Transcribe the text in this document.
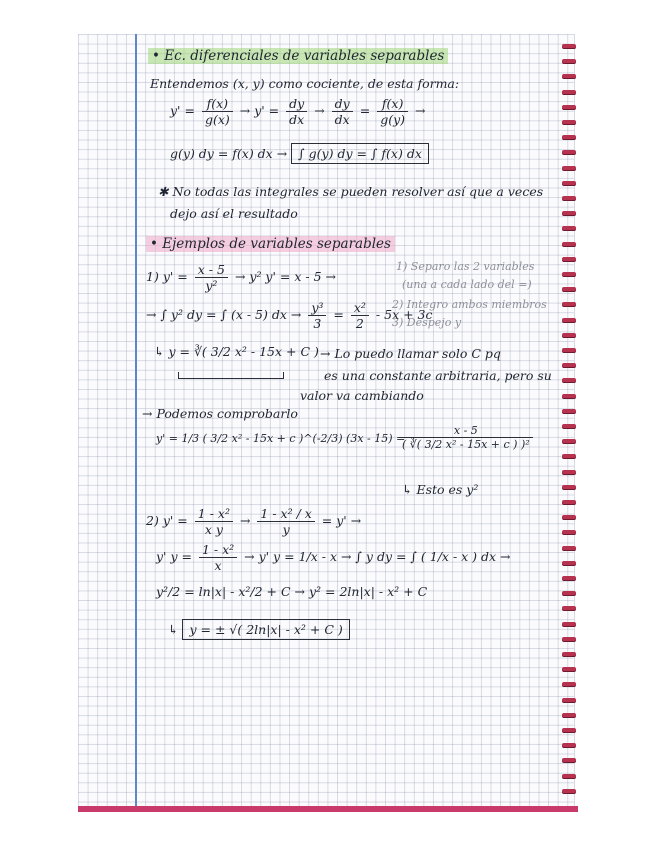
• Ec. diferenciales de variables separables
Entendemos (x, y) como cociente, de esta forma:
$y' = \frac{f(x)}{g(x)} \to y' = \frac{dy}{dx} \to \frac{dy}{dx} = \frac{f(x)}{g(y)}$ →
g(y) dy = f(x) dx → ∫ g(y) dy = ∫ f(x) dx
✱ No todas las integrales se pueden resolver así que a veces
dejo así el resultado
• Ejemplos de variables separables
1) $y' = \frac{x - 5}{\text{y²}} \to y^2$ y' = x - 5 →
1) Separo las 2 variables
(una a cada lado del =)
2) Integro ambos miembros
3) Despejo y
→ ∫ y² dy = ∫ (x - 5) dx → $\frac{\text{y³}}{3} = \frac{\text{x²}}{2} - 5x + 3c$
↳ y = ∛( 3/2 x² - 15x + C ) → Lo puedo llamar solo C pq
es una constante arbitraria, pero su
valor va cambiando
→ Podemos comprobarlo
y' = 1/3 ( 3/2 x² - 15x + c )^(-2/3) (3x - 15) =
$\frac{x - 5}{\text{( ∛( 3/2 x² - 15x + c ) )²}}$
↳ Esto es y²
2) $y' = \frac{\text{1 - x²}}{\text{x y}} \to \frac{\text{1 - x² / x}}{y} = y'$ →
y' $y = \frac{\text{1 - x²}}{x} \to y'$ y = 1/x - x → ∫ y dy = ∫ ( 1/x - x ) dx →
y²/2 = ln|x| - x²/2 + C → y² = 2ln|x| - x² + C
↳ y = ± √( 2ln|x| - x² + C )
